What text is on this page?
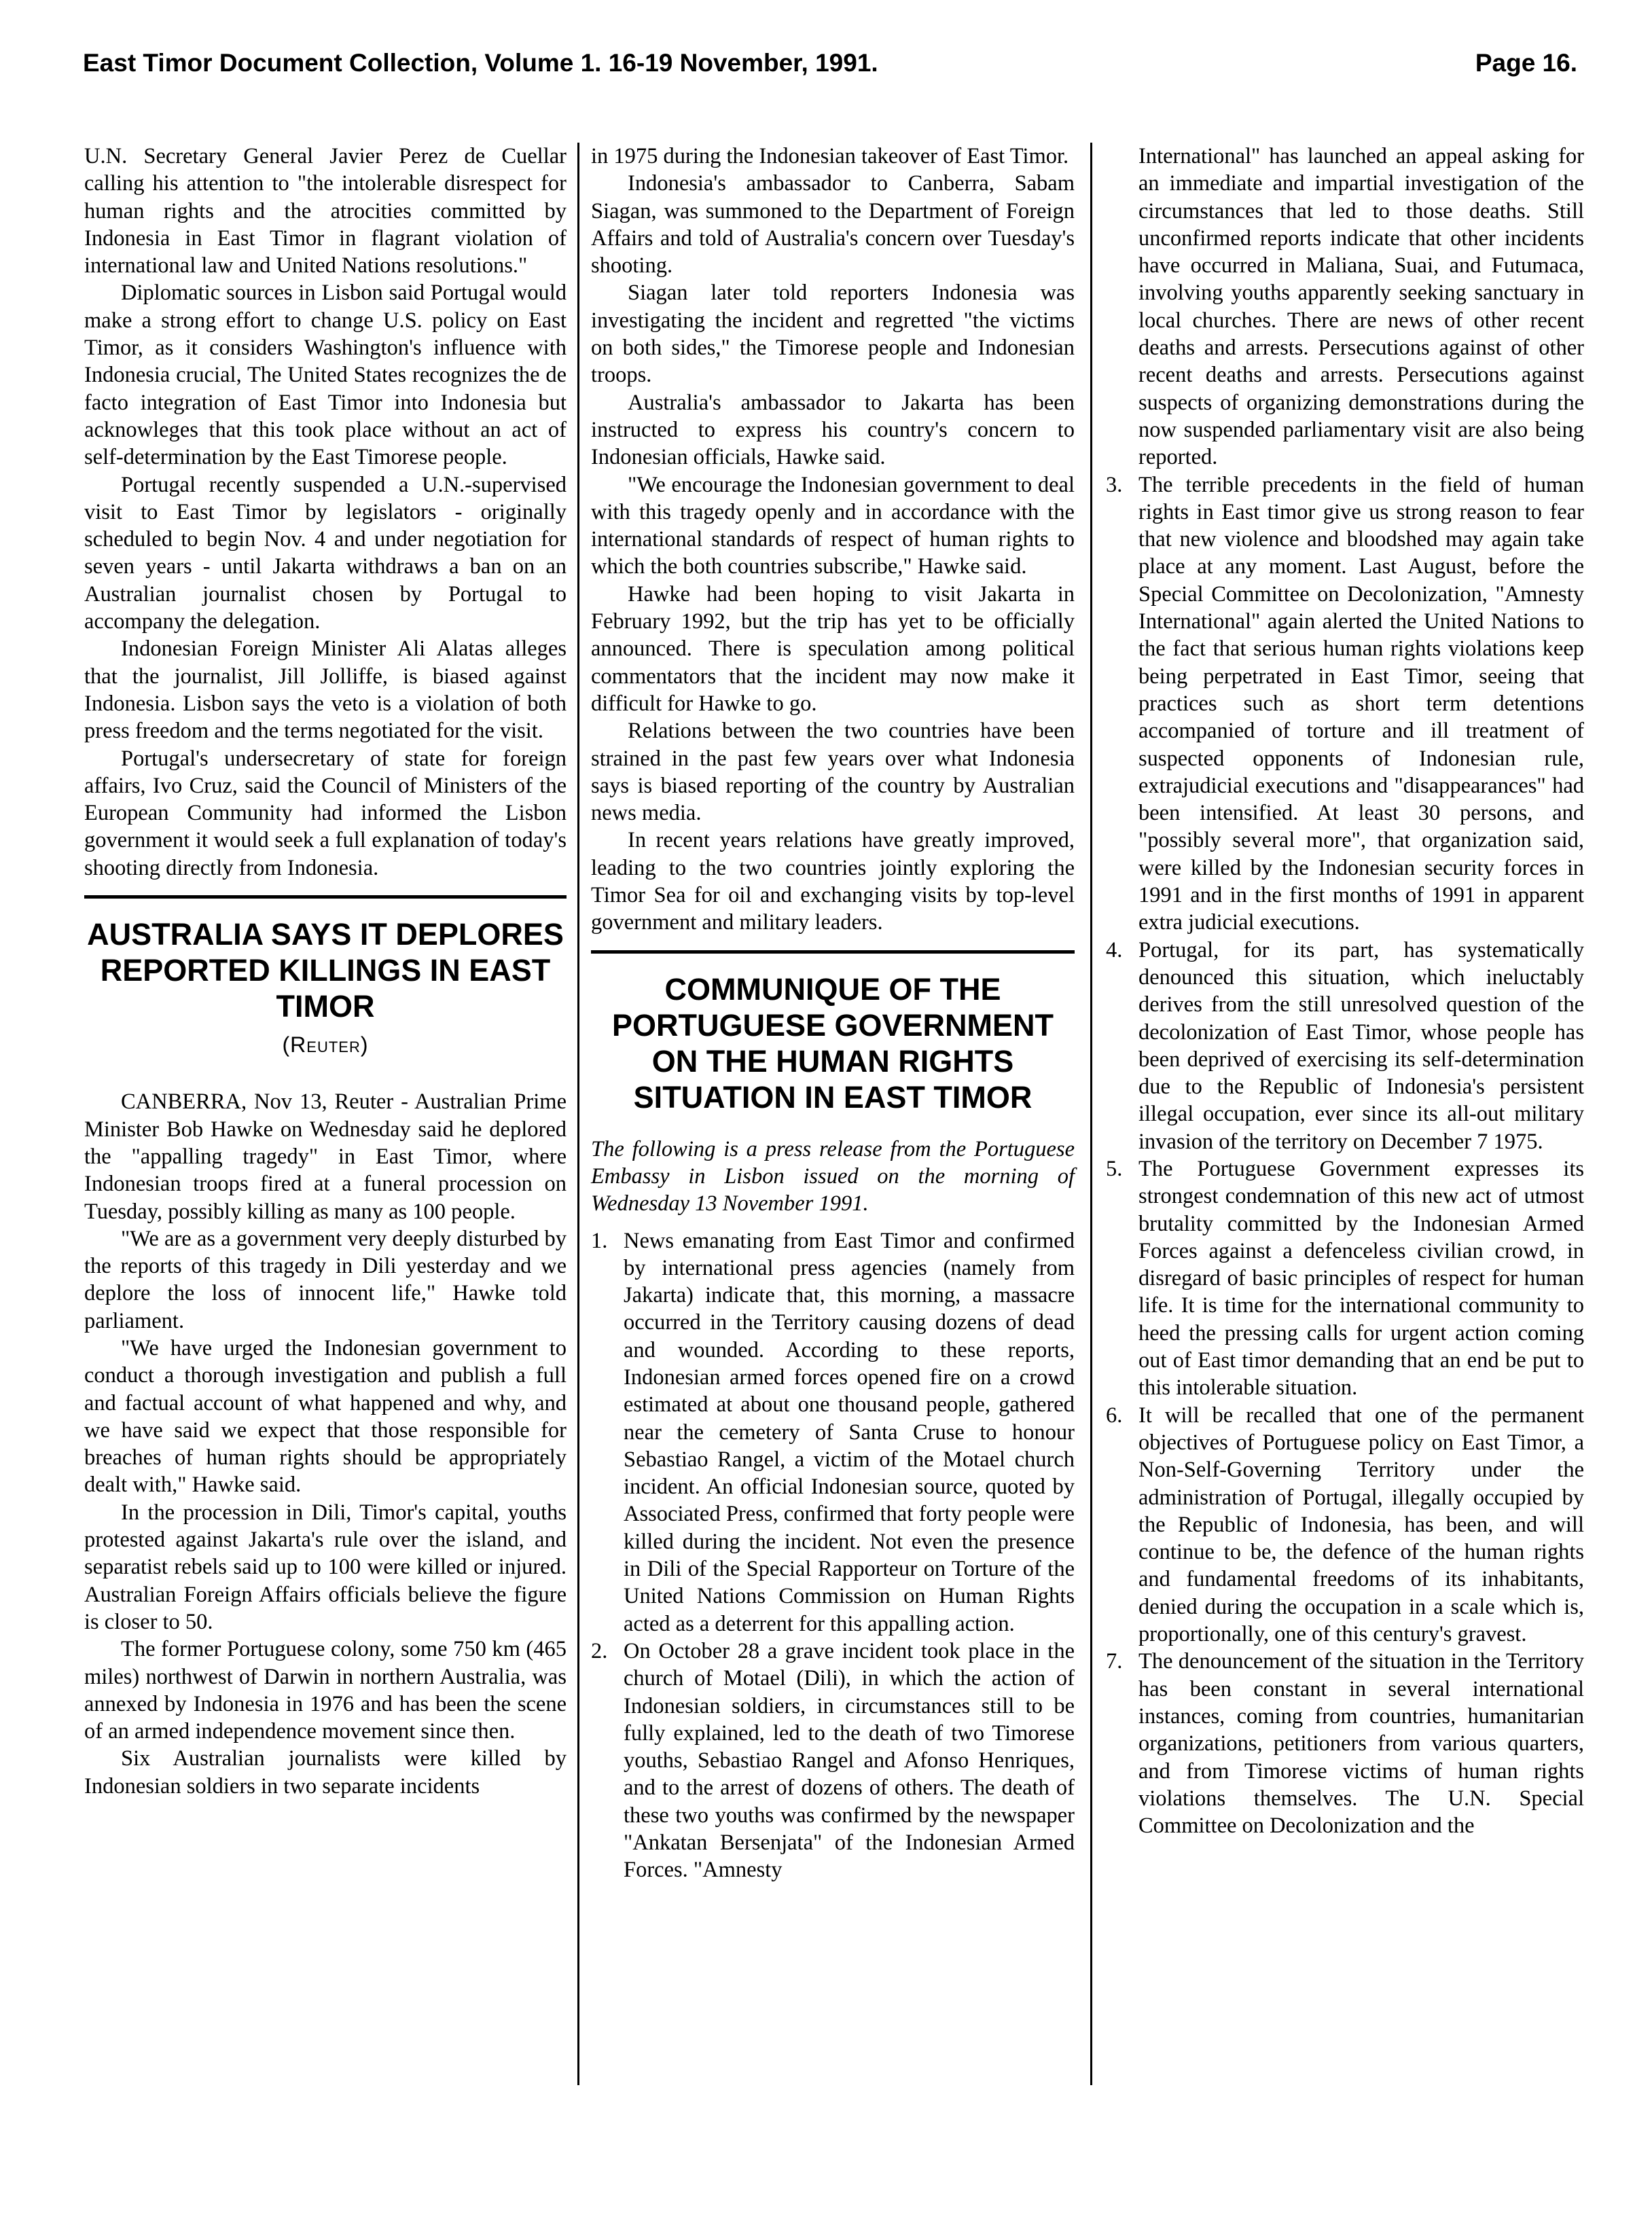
East Timor Document Collection, Volume 1. 16-19 November, 1991.	Page 16.

U.N. Secretary General Javier Perez de Cuellar calling his attention to "the intolerable disrespect for human rights and the atrocities committed by Indonesia in East Timor in flagrant violation of international law and United Nations resolutions."

Diplomatic sources in Lisbon said Portugal would make a strong effort to change U.S. policy on East Timor, as it considers Washington's influence with Indonesia crucial, The United States recognizes the de facto integration of East Timor into Indonesia but acknowleges that this took place without an act of self-determination by the East Timorese people.

Portugal recently suspended a U.N.-supervised visit to East Timor by legislators - originally scheduled to begin Nov. 4 and under negotiation for seven years - until Jakarta withdraws a ban on an Australian journalist chosen by Portugal to accompany the delegation.

Indonesian Foreign Minister Ali Alatas alleges that the journalist, Jill Jolliffe, is biased against Indonesia. Lisbon says the veto is a violation of both press freedom and the terms negotiated for the visit.

Portugal's undersecretary of state for foreign affairs, Ivo Cruz, said the Council of Ministers of the European Community had informed the Lisbon government it would seek a full explanation of today's shooting directly from Indonesia.

AUSTRALIA SAYS IT DEPLORES REPORTED KILLINGS IN EAST TIMOR
(Reuter)

CANBERRA, Nov 13, Reuter - Australian Prime Minister Bob Hawke on Wednesday said he deplored the "appalling tragedy" in East Timor, where Indonesian troops fired at a funeral procession on Tuesday, possibly killing as many as 100 people.

"We are as a government very deeply disturbed by the reports of this tragedy in Dili yesterday and we deplore the loss of innocent life," Hawke told parliament.

"We have urged the Indonesian government to conduct a thorough investigation and publish a full and factual account of what happened and why, and we have said we expect that those responsible for breaches of human rights should be appropriately dealt with," Hawke said.

In the procession in Dili, Timor's capital, youths protested against Jakarta's rule over the island, and separatist rebels said up to 100 were killed or injured. Australian Foreign Affairs officials believe the figure is closer to 50.

The former Portuguese colony, some 750 km (465 miles) northwest of Darwin in northern Australia, was annexed by Indonesia in 1976 and has been the scene of an armed independence movement since then.

Six Australian journalists were killed by Indonesian soldiers in two separate incidents

in 1975 during the Indonesian takeover of East Timor.

Indonesia's ambassador to Canberra, Sabam Siagan, was summoned to the Department of Foreign Affairs and told of Australia's concern over Tuesday's shooting.

Siagan later told reporters Indonesia was investigating the incident and regretted "the victims on both sides," the Timorese people and Indonesian troops.

Australia's ambassador to Jakarta has been instructed to express his country's concern to Indonesian officials, Hawke said.

"We encourage the Indonesian government to deal with this tragedy openly and in accordance with the international standards of respect of human rights to which the both countries subscribe," Hawke said.

Hawke had been hoping to visit Jakarta in February 1992, but the trip has yet to be officially announced. There is speculation among political commentators that the incident may now make it difficult for Hawke to go.

Relations between the two countries have been strained in the past few years over what Indonesia says is biased reporting of the country by Australian news media.

In recent years relations have greatly improved, leading to the two countries jointly exploring the Timor Sea for oil and exchanging visits by top-level government and military leaders.

COMMUNIQUE OF THE PORTUGUESE GOVERNMENT ON THE HUMAN RIGHTS SITUATION IN EAST TIMOR

The following is a press release from the Portuguese Embassy in Lisbon issued on the morning of Wednesday 13 November 1991.

1. News emanating from East Timor and confirmed by international press agencies (namely from Jakarta) indicate that, this morning, a massacre occurred in the Territory causing dozens of dead and wounded. According to these reports, Indonesian armed forces opened fire on a crowd estimated at about one thousand people, gathered near the cemetery of Santa Cruse to honour Sebastiao Rangel, a victim of the Motael church incident. An official Indonesian source, quoted by Associated Press, confirmed that forty people were killed during the incident. Not even the presence in Dili of the Special Rapporteur on Torture of the United Nations Commission on Human Rights acted as a deterrent for this appalling action.
2. On October 28 a grave incident took place in the church of Motael (Dili), in which the action of Indonesian soldiers, in circumstances still to be fully explained, led to the death of two Timorese youths, Sebastiao Rangel and Afonso Henriques, and to the arrest of dozens of others. The death of these two youths was confirmed by the newspaper "Ankatan Bersenjata" of the Indonesian Armed Forces. "Amnesty

International" has launched an appeal asking for an immediate and impartial investigation of the circumstances that led to those deaths. Still unconfirmed reports indicate that other incidents have occurred in Maliana, Suai, and Futumaca, involving youths apparently seeking sanctuary in local churches. There are news of other recent deaths and arrests. Persecutions against of other recent deaths and arrests. Persecutions against suspects of organizing demonstrations during the now suspended parliamentary visit are also being reported.

3. The terrible precedents in the field of human rights in East timor give us strong reason to fear that new violence and bloodshed may again take place at any moment. Last August, before the Special Committee on Decolonization, "Amnesty International" again alerted the United Nations to the fact that serious human rights violations keep being perpetrated in East Timor, seeing that practices such as short term detentions accompanied of torture and ill treatment of suspected opponents of Indonesian rule, extrajudicial executions and "disappearances" had been intensified. At least 30 persons, and "possibly several more", that organization said, were killed by the Indonesian security forces in 1991 and in the first months of 1991 in apparent extra judicial executions.
4. Portugal, for its part, has systematically denounced this situation, which ineluctably derives from the still unresolved question of the decolonization of East Timor, whose people has been deprived of exercising its self-determination due to the Republic of Indonesia's persistent illegal occupation, ever since its all-out military invasion of the territory on December 7 1975.
5. The Portuguese Government expresses its strongest condemnation of this new act of utmost brutality committed by the Indonesian Armed Forces against a defenceless civilian crowd, in disregard of basic principles of respect for human life. It is time for the international community to heed the pressing calls for urgent action coming out of East timor demanding that an end be put to this intolerable situation.
6. It will be recalled that one of the permanent objectives of Portuguese policy on East Timor, a Non-Self-Governing Territory under the administration of Portugal, illegally occupied by the Republic of Indonesia, has been, and will continue to be, the defence of the human rights and fundamental freedoms of its inhabitants, denied during the occupation in a scale which is, proportionally, one of this century's gravest.
7. The denouncement of the situation in the Territory has been constant in several international instances, coming from countries, humanitarian organizations, petitioners from various quarters, and from Timorese victims of human rights violations themselves. The U.N. Special Committee on Decolonization and the
